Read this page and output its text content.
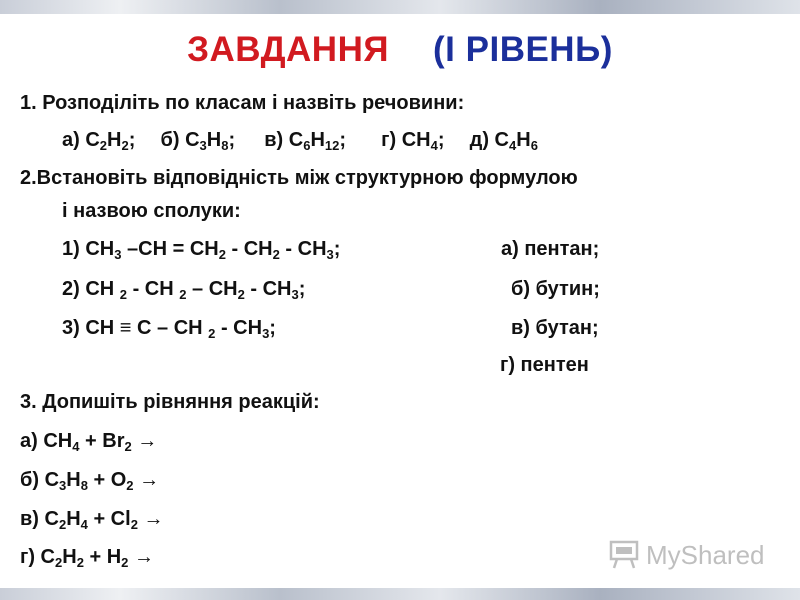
ЗАВДАННЯ (І РІВЕНЬ)
1. Розподіліть по класам і назвіть речовини:
а) $С_2Н_2$; б) $С_3Н_8$; в) $С_6Н_{12}$; г) $СН_4$; д) $С_4Н_6$
2.Встановіть відповідність між структурною формулою
і назвою сполуки:
1) $СН_3$ $-СН = СН_2 - СН_2 - СН_3$;	а) пентан;
2) СН $_2$ - СН $_2 - СН_2 - СН_3$;	б) бутин;
3) СН ≡ С – СН $_2 - СН_3$;	в) бутан;
г) пентен
3. Допишіть рівняння реакцій:
а) $СН_4 + Br_2$ →
б) $С_3Н_8 + О_2$ →
в) $С_2Н_4 + Сl_2$ →
г) $С_2Н_2 + Н_2$ →	MyShared
